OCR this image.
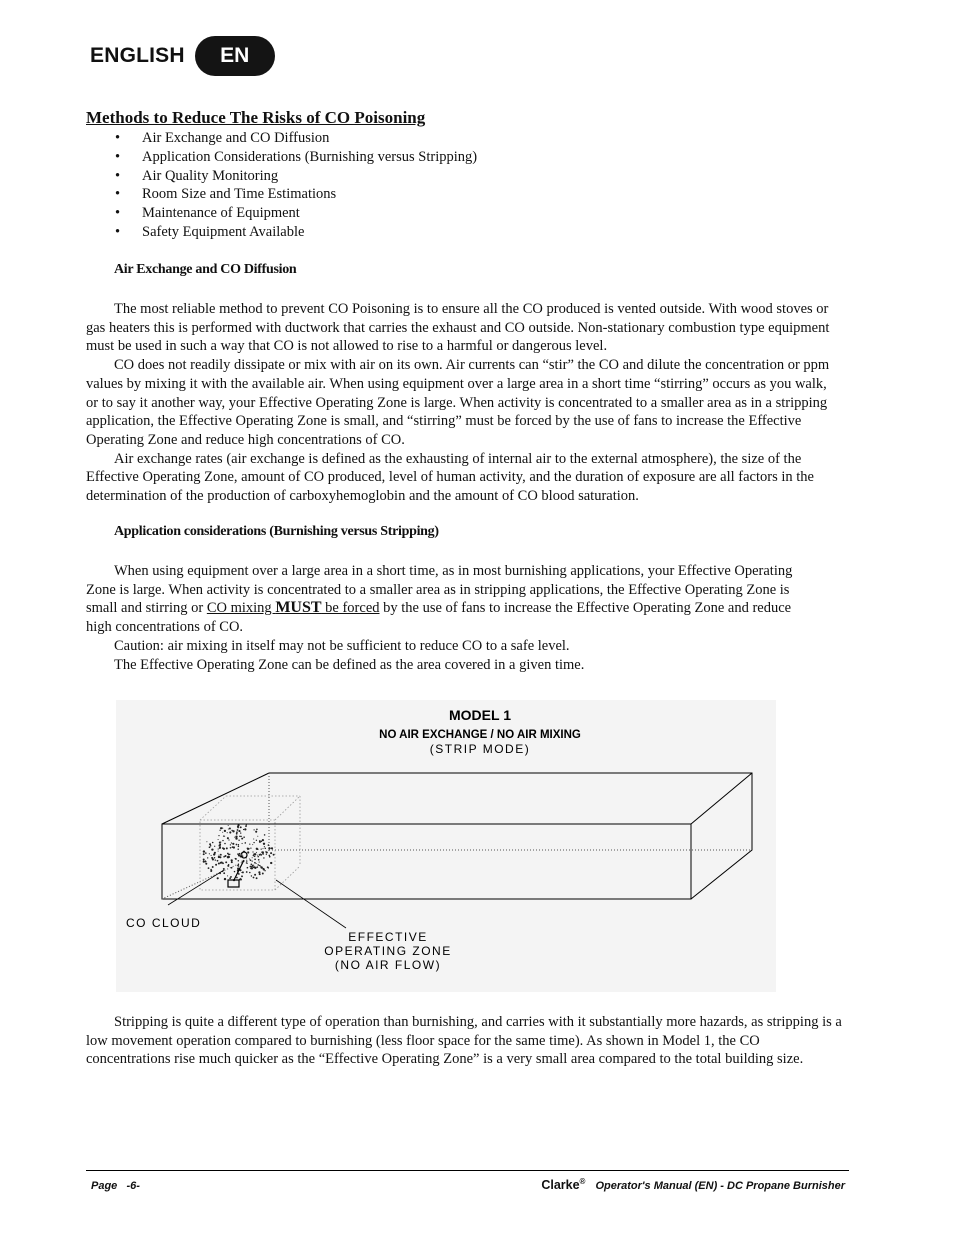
ENGLISH	EN
Methods to Reduce The Risks of CO Poisoning
• Air Exchange and CO Diffusion
• Application Considerations (Burnishing versus Stripping)
• Air Quality Monitoring
• Room Size and Time Estimations
• Maintenance of Equipment
• Safety Equipment Available
Air Exchange and CO Diffusion

The most reliable method to prevent CO Poisoning is to ensure all the CO produced is vented outside. With wood stoves or gas heaters this is performed with ductwork that carries the exhaust and CO outside. Non-stationary combustion type equipment must be used in such a way that CO is not allowed to rise to a harmful or dangerous level.

CO does not readily dissipate or mix with air on its own. Air currents can “stir” the CO and dilute the concentration or ppm values by mixing it with the available air. When using equipment over a large area in a short time “stirring” occurs as you walk, or to say it another way, your Effective Operating Zone is large. When activity is concentrated to a smaller area as in a stripping application, the Effective Operating Zone is small, and “stirring” must be forced by the use of fans to increase the Effective Operating Zone and reduce high concentrations of CO.

Air exchange rates (air exchange is defined as the exhausting of internal air to the external atmosphere), the size of the Effective Operating Zone, amount of CO produced, level of human activity, and the duration of exposure are all factors in the determination of the production of carboxyhemoglobin and the amount of CO blood saturation.

Application considerations (Burnishing versus Stripping)

When using equipment over a large area in a short time, as in most burnishing applications, your Effective Operating Zone is large. When activity is concentrated to a smaller area as in stripping applications, the Effective Operating Zone is small and stirring or CO mixing MUST be forced by the use of fans to increase the Effective Operating Zone and reduce high concentrations of CO.

Caution: air mixing in itself may not be sufficient to reduce CO to a safe level.

The Effective Operating Zone can be defined as the area covered in a given time.

MODEL 1
NO AIR EXCHANGE / NO AIR MIXING
(STRIP MODE)
CO CLOUD
EFFECTIVE
OPERATING ZONE
(NO AIR FLOW)

Stripping is quite a different type of operation than burnishing, and carries with it substantially more hazards, as stripping is a low movement operation compared to burnishing (less floor space for the same time). As shown in Model 1, the CO concentrations rise much quicker as the “Effective Operating Zone” is a very small area compared to the total building size.

Page   -6-	Clarke® Operator's Manual (EN) - DC Propane Burnisher
